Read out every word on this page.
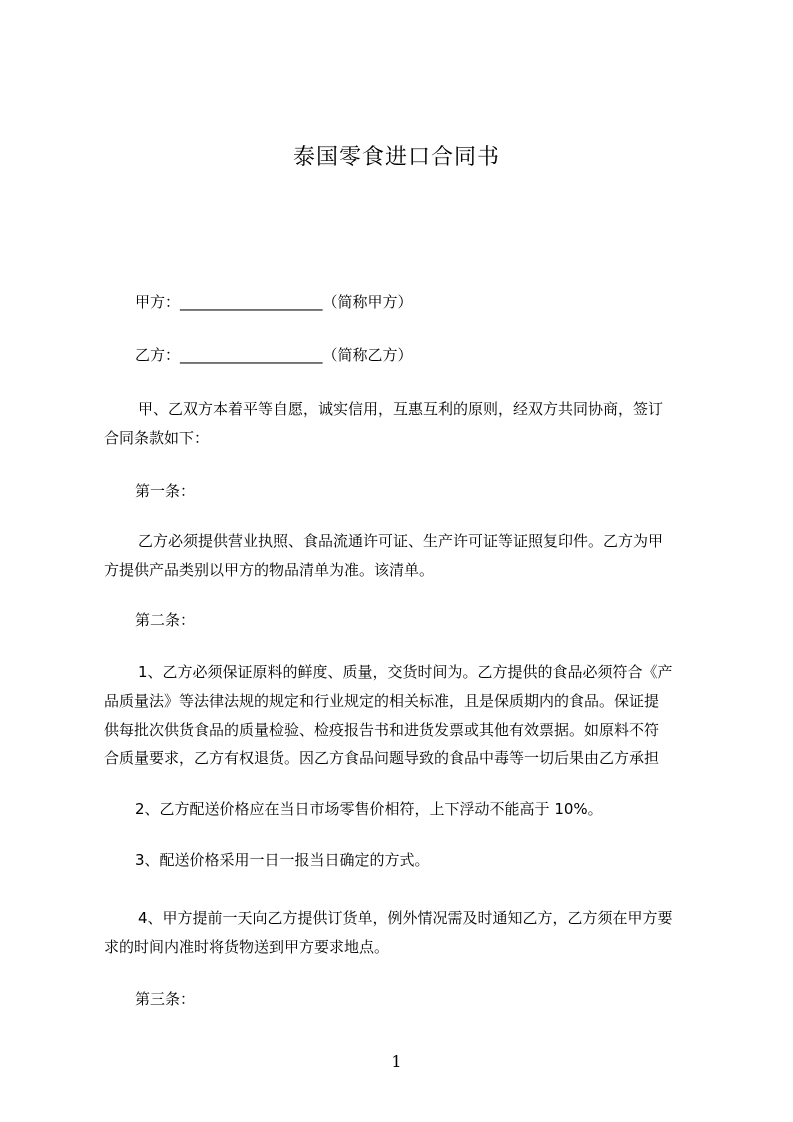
泰国零食进口合同书
甲方：___________________（简称甲方）
乙方：___________________（简称乙方）
甲、乙双方本着平等自愿，诚实信用，互惠互利的原则，经双方共同协商，签订
合同条款如下：
第一条：
乙方必须提供营业执照、食品流通许可证、生产许可证等证照复印件。乙方为甲
方提供产品类别以甲方的物品清单为准。该清单。
第二条：
1、乙方必须保证原料的鲜度、质量，交货时间为。乙方提供的食品必须符合《产
品质量法》等法律法规的规定和行业规定的相关标准，且是保质期内的食品。保证提
供每批次供货食品的质量检验、检疫报告书和进货发票或其他有效票据。如原料不符
合质量要求，乙方有权退货。因乙方食品问题导致的食品中毒等一切后果由乙方承担
2、乙方配送价格应在当日市场零售价相符，上下浮动不能高于 10%。
3、配送价格采用一日一报当日确定的方式。
4、甲方提前一天向乙方提供订货单，例外情况需及时通知乙方，乙方须在甲方要
求的时间内准时将货物送到甲方要求地点。
第三条：
1
